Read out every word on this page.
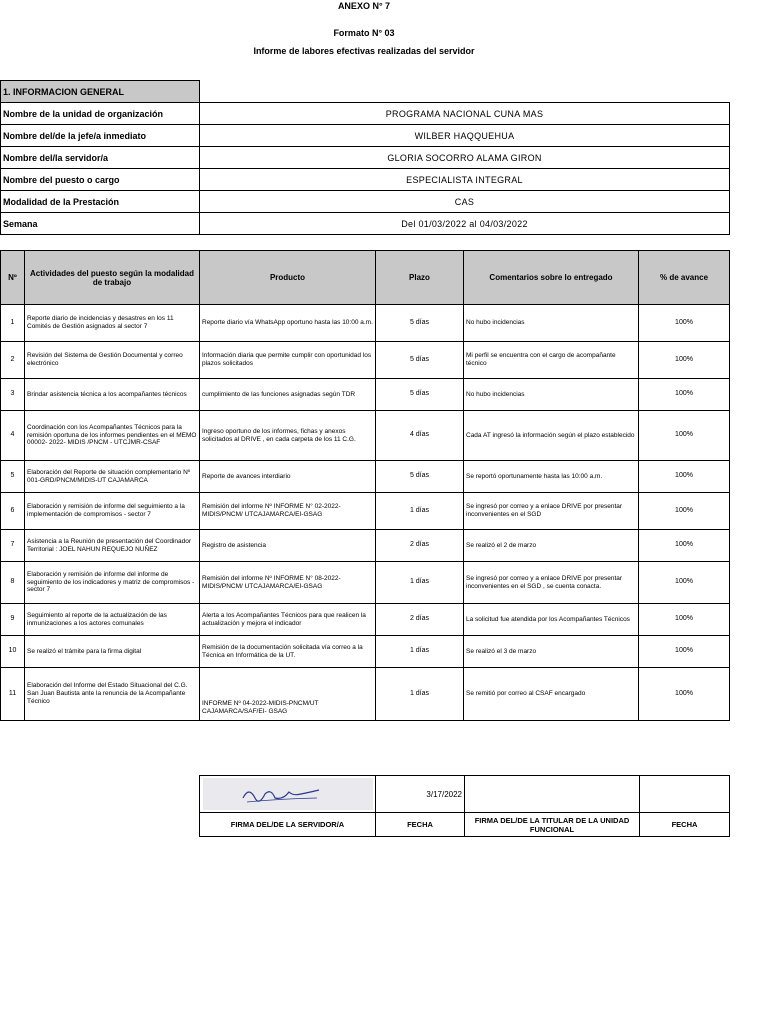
ANEXO N° 7
Formato N° 03
Informe de labores efectivas realizadas del servidor
1. INFORMACION GENERAL	
Nombre de la unidad de organización	PROGRAMA NACIONAL CUNA MAS
Nombre del/de la jefe/a inmediato	WILBER HAQQUEHUA
Nombre del/la servidor/a	GLORIA SOCORRO ALAMA GIRON
Nombre del puesto o cargo	ESPECIALISTA INTEGRAL
Modalidad de la Prestación	CAS
Semana	Del 01/03/2022 al 04/03/2022
Nº	Actividades del puesto según la modalidad de trabajo	Producto	Plazo	Comentarios sobre lo entregado	% de avance
1	Reporte diario de incidencias y desastres en los 11 Comités de Gestión asignados al sector 7	Reporte diario vía WhatsApp oportuno hasta las 10:00 a.m.	5 días	No hubo incidencias	100%
2	Revisión del Sistema de Gestión Documental y correo electrónico	Información diaria que permite cumplir con oportunidad los plazos solicitados	5 días	Mi perfil se encuentra con el cargo de acompañante técnico	100%
3	Brindar asistencia técnica a los acompañantes técnicos	cumplimiento de las funciones asignadas según TDR	5 días	No hubo incidencias	100%
4	Coordinación con los Acompañantes Técnicos para la remisión oportuna de los informes pendientes en el MEMO 00002- 2022- MIDIS /PNCM - UTCJMR-CSAF	Ingreso oportuno de los informes, fichas y anexos solicitados al DRIVE , en cada carpeta de los 11 C.G.	4 días	Cada AT ingresó la información según el plazo establecido	100%
5	Elaboración del Reporte de situación complementario Nº 001-GRD/PNCM/MIDIS-UT CAJAMARCA	Reporte de avances interdiario	5 días	Se reportó oportunamente hasta las 10:00 a.m.	100%
6	Elaboración y remisión de informe del seguimiento a la implementación de compromisos - sector 7	Remisión del informe Nº INFORME N° 02-2022-MIDIS/PNCM/ UTCAJAMARCA/EI-GSAG	1 días	Se ingresó por correo y a enlace DRIVE por presentar inconvenientes en el SGD	100%
7	Asistencia a la Reunión de presentación del Coordinador Territorial : JOEL NAHUN REQUEJO NUÑEZ	Registro de asistencia	2 días	Se realizó el 2 de marzo	100%
8	Elaboración y remisión de informe del informe de seguimiento de los indicadores y matriz de compromisos - sector 7	Remisión del informe Nº INFORME N° 08-2022-MIDIS/PNCM/ UTCAJAMARCA/EI-GSAG	1 días	Se ingresó por correo y a enlace DRIVE por presentar inconvenientes en el SGD , se cuenta conacta.	100%
9	Seguimiento al reporte de la actualización de las inmunizaciones a los actores comunales	Alerta a los Acompañantes Técnicos para que realicen la actualización y mejora el indicador	2 días	La solicitud fue atendida por los Acompañantes Técnicos	100%
10	Se realizó el trámite para la firma digital	Remisión de la documentación solicitada vía correo a la Técnica en Informática de la UT.	1 días	Se realizó el 3 de marzo	100%
11	Elaboración del Informe del Estado Situacional del C.G. San Juan Bautista ante la renuncia de la Acompañante Técnico	INFORME Nº 04-2022-MIDIS-PNCM/UT CAJAMARCA/SAF/EI- GSAG	1 días	Se remitió por correo al CSAF encargado	100%
	3/17/2022		
FIRMA DEL/DE LA SERVIDOR/A	FECHA	FIRMA DEL/DE LA TITULAR DE LA UNIDAD FUNCIONAL	FECHA
